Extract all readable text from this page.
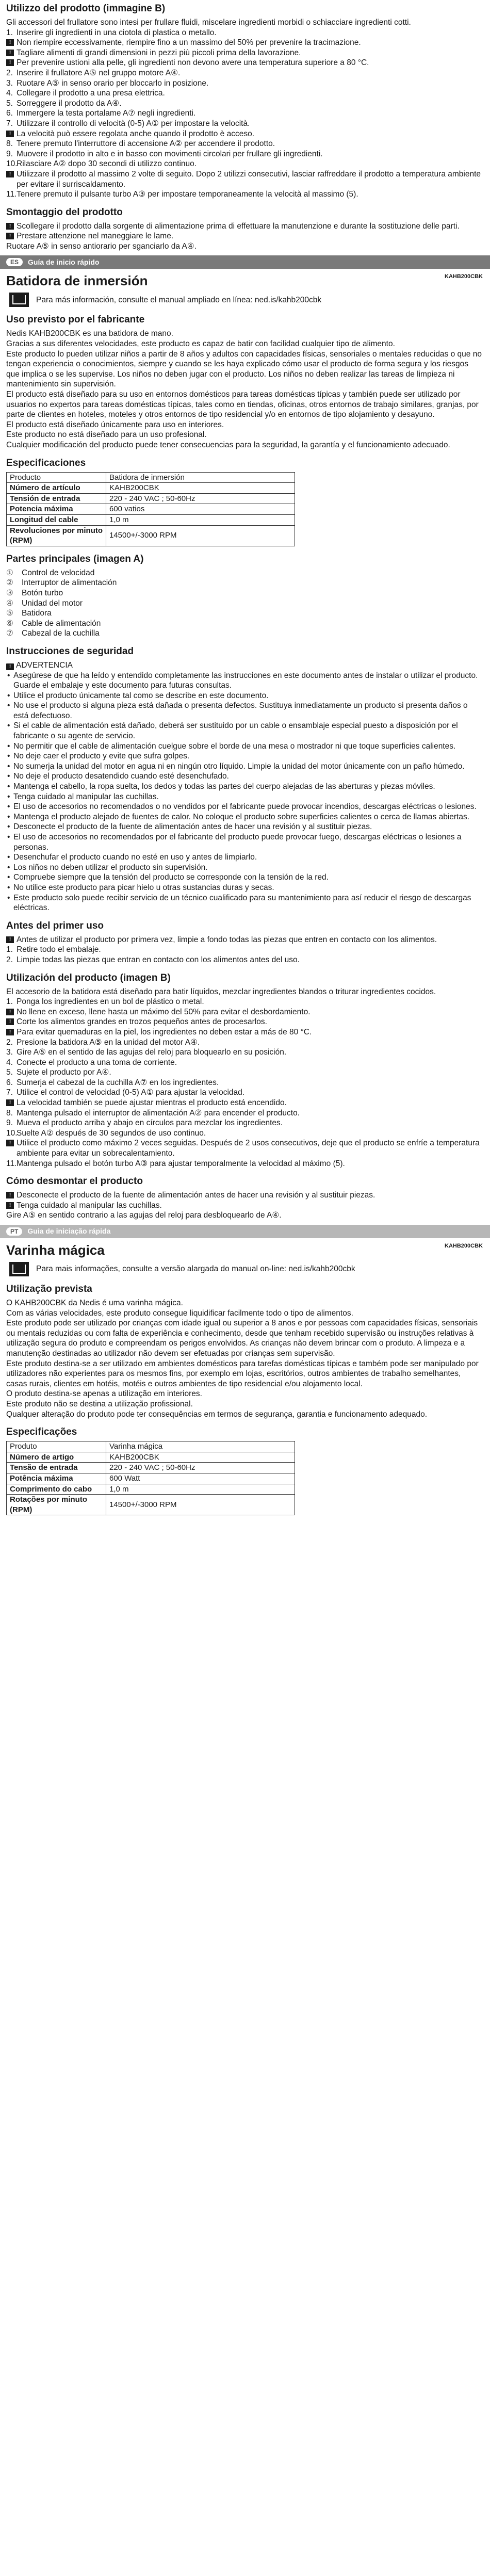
Utilizzo del prodotto (immagine B)

Gli accessori del frullatore sono intesi per frullare fluidi, miscelare ingredienti morbidi o schiacciare ingredienti cotti.

1. Inserire gli ingredienti in una ciotola di plastica o metallo.
! Non riempire eccessivamente, riempire fino a un massimo del 50% per prevenire la tracimazione.
! Tagliare alimenti di grandi dimensioni in pezzi più piccoli prima della lavorazione.
! Per prevenire ustioni alla pelle, gli ingredienti non devono avere una temperatura superiore a 80 °C.
2. Inserire il frullatore A⑤ nel gruppo motore A④.
3. Ruotare A⑤ in senso orario per bloccarlo in posizione.
4. Collegare il prodotto a una presa elettrica.
5. Sorreggere il prodotto da A④.
6. Immergere la testa portalame A⑦ negli ingredienti.
7. Utilizzare il controllo di velocità (0-5) A① per impostare la velocità.
! La velocità può essere regolata anche quando il prodotto è acceso.
8. Tenere premuto l'interruttore di accensione A② per accendere il prodotto.
9. Muovere il prodotto in alto e in basso con movimenti circolari per frullare gli ingredienti.
10.
Rilasciare A② dopo 30 secondi di utilizzo continuo.
! Utilizzare il prodotto al massimo 2 volte di seguito. Dopo 2 utilizzi consecutivi, lasciar raffreddare il prodotto a temperatura ambiente per evitare il surriscaldamento.
11. Tenere premuto il pulsante turbo A③ per impostare temporaneamente la velocità al massimo (5).
Smontaggio del prodotto
! Scollegare il prodotto dalla sorgente di alimentazione prima di effettuare la manutenzione e durante la sostituzione delle parti.
! Prestare attenzione nel maneggiare le lame.
Ruotare A⑤ in senso antiorario per sganciarlo da A④.
ES	Guía de inicio rápido
Batidora de inmersión	KAHB200CBK
Para más información, consulte el manual ampliado en línea: ned.is/kahb200cbk
Uso previsto por el fabricante

Nedis KAHB200CBK es una batidora de mano.

Gracias a sus diferentes velocidades, este producto es capaz de batir con facilidad cualquier tipo de alimento.

Este producto lo pueden utilizar niños a partir de 8 años y adultos con capacidades físicas, sensoriales o mentales reducidas o que no tengan experiencia o conocimientos, siempre y cuando se les haya explicado cómo usar el producto de forma segura y los riesgos que implica o se les supervise. Los niños no deben jugar con el producto. Los niños no deben realizar las tareas de limpieza ni mantenimiento sin supervisión.

El producto está diseñado para su uso en entornos domésticos para tareas domésticas típicas y también puede ser utilizado por usuarios no expertos para tareas domésticas típicas, tales como en tiendas, oficinas, otros entornos de trabajo similares, granjas, por parte de clientes en hoteles, moteles y otros entornos de tipo residencial y/o en entornos de tipo alojamiento y desayuno.

El producto está diseñado únicamente para uso en interiores.

Este producto no está diseñado para un uso profesional.

Cualquier modificación del producto puede tener consecuencias para la seguridad, la garantía y el funcionamiento adecuado.

Especificaciones
Producto	Batidora de inmersión
Número de artículo	KAHB200CBK
Tensión de entrada	220 - 240 VAC ; 50-60Hz
Potencia máxima	600 vatios
Longitud del cable	1,0 m
Revoluciones por minuto (RPM)	14500+/-3000 RPM
Partes principales (imagen A)
① Control de velocidad
② Interruptor de alimentación
③ Botón turbo
④ Unidad del motor
⑤ Batidora
⑥ Cable de alimentación
⑦ Cabezal de la cuchilla
Instrucciones de seguridad

! ADVERTENCIA

• Asegúrese de que ha leído y entendido completamente las instrucciones en este documento antes de instalar o utilizar el producto. Guarde el embalaje y este documento para futuras consultas.
• Utilice el producto únicamente tal como se describe en este documento.
• No use el producto si alguna pieza está dañada o presenta defectos. Sustituya inmediatamente un producto si presenta daños o está defectuoso.
• Si el cable de alimentación está dañado, deberá ser sustituido por un cable o ensamblaje especial puesto a disposición por el fabricante o su agente de servicio.
• No permitir que el cable de alimentación cuelgue sobre el borde de una mesa o mostrador ni que toque superficies calientes.
• No deje caer el producto y evite que sufra golpes.
• No sumerja la unidad del motor en agua ni en ningún otro líquido. Limpie la unidad del motor únicamente con un paño húmedo.
• No deje el producto desatendido cuando esté desenchufado.
• Mantenga el cabello, la ropa suelta, los dedos y todas las partes del cuerpo alejadas de las aberturas y piezas móviles.
• Tenga cuidado al manipular las cuchillas.
• El uso de accesorios no recomendados o no vendidos por el fabricante puede provocar incendios, descargas eléctricas o lesiones.
• Mantenga el producto alejado de fuentes de calor. No coloque el producto sobre superficies calientes o cerca de llamas abiertas.
• Desconecte el producto de la fuente de alimentación antes de hacer una revisión y al sustituir piezas.
• El uso de accesorios no recomendados por el fabricante del producto puede provocar fuego, descargas eléctricas o lesiones a personas.
• Desenchufar el producto cuando no esté en uso y antes de limpiarlo.
• Los niños no deben utilizar el producto sin supervisión.
• Compruebe siempre que la tensión del producto se corresponde con la tensión de la red.
• No utilice este producto para picar hielo u otras sustancias duras y secas.
• Este producto solo puede recibir servicio de un técnico cualificado para su mantenimiento para así reducir el riesgo de descargas eléctricas.
Antes del primer uso
! Antes de utilizar el producto por primera vez, limpie a fondo todas las piezas que entren en contacto con los alimentos.
1. Retire todo el embalaje.
2. Limpie todas las piezas que entran en contacto con los alimentos antes del uso.
Utilización del producto (imagen B)

El accesorio de la batidora está diseñado para batir líquidos, mezclar ingredientes blandos o triturar ingredientes cocidos.

1. Ponga los ingredientes en un bol de plástico o metal.
! No llene en exceso, llene hasta un máximo del 50% para evitar el desbordamiento.
! Corte los alimentos grandes en trozos pequeños antes de procesarlos.
! Para evitar quemaduras en la piel, los ingredientes no deben estar a más de 80 °C.
2. Presione la batidora A⑤ en la unidad del motor A④.
3. Gire A⑤ en el sentido de las agujas del reloj para bloquearlo en su posición.
4. Conecte el producto a una toma de corriente.
5. Sujete el producto por A④.
6. Sumerja el cabezal de la cuchilla A⑦ en los ingredientes.
7. Utilice el control de velocidad (0-5) A① para ajustar la velocidad.
! La velocidad también se puede ajustar mientras el producto está encendido.
8. Mantenga pulsado el interruptor de alimentación A② para encender el producto.
9. Mueva el producto arriba y abajo en círculos para mezclar los ingredientes.
10.
Suelte A② después de 30 segundos de uso continuo.
! Utilice el producto como máximo 2 veces seguidas. Después de 2 usos consecutivos, deje que el producto se enfríe a temperatura ambiente para evitar un sobrecalentamiento.
11. Mantenga pulsado el botón turbo A③ para ajustar temporalmente la velocidad al máximo (5).
Cómo desmontar el producto
! Desconecte el producto de la fuente de alimentación antes de hacer una revisión y al sustituir piezas.
! Tenga cuidado al manipular las cuchillas.
Gire A⑤ en sentido contrario a las agujas del reloj para desbloquearlo de A④.
PT	Guia de iniciação rápida
Varinha mágica	KAHB200CBK
Para mais informações, consulte a versão alargada do manual on-line: ned.is/kahb200cbk
Utilização prevista

O KAHB200CBK da Nedis é uma varinha mágica.

Com as várias velocidades, este produto consegue liquidificar facilmente todo o tipo de alimentos.

Este produto pode ser utilizado por crianças com idade igual ou superior a 8 anos e por pessoas com capacidades físicas, sensoriais ou mentais reduzidas ou com falta de experiência e conhecimento, desde que tenham recebido supervisão ou instruções relativas à utilização segura do produto e compreendam os perigos envolvidos. As crianças não devem brincar com o produto. A limpeza e a manutenção destinadas ao utilizador não devem ser efetuadas por crianças sem supervisão.

Este produto destina-se a ser utilizado em ambientes domésticos para tarefas domésticas típicas e também pode ser manipulado por utilizadores não experientes para os mesmos fins, por exemplo em lojas, escritórios, outros ambientes de trabalho semelhantes, casas rurais, clientes em hotéis, motéis e outros ambientes de tipo residencial e/ou alojamento local.

O produto destina-se apenas a utilização em interiores.

Este produto não se destina a utilização profissional.

Qualquer alteração do produto pode ter consequências em termos de segurança, garantia e funcionamento adequado.

Especificações
Produto	Varinha mágica
Número de artigo	KAHB200CBK
Tensão de entrada	220 - 240 VAC ; 50-60Hz
Potência máxima	600 Watt
Comprimento do cabo	1,0 m
Rotações por minuto (RPM)	14500+/-3000 RPM
